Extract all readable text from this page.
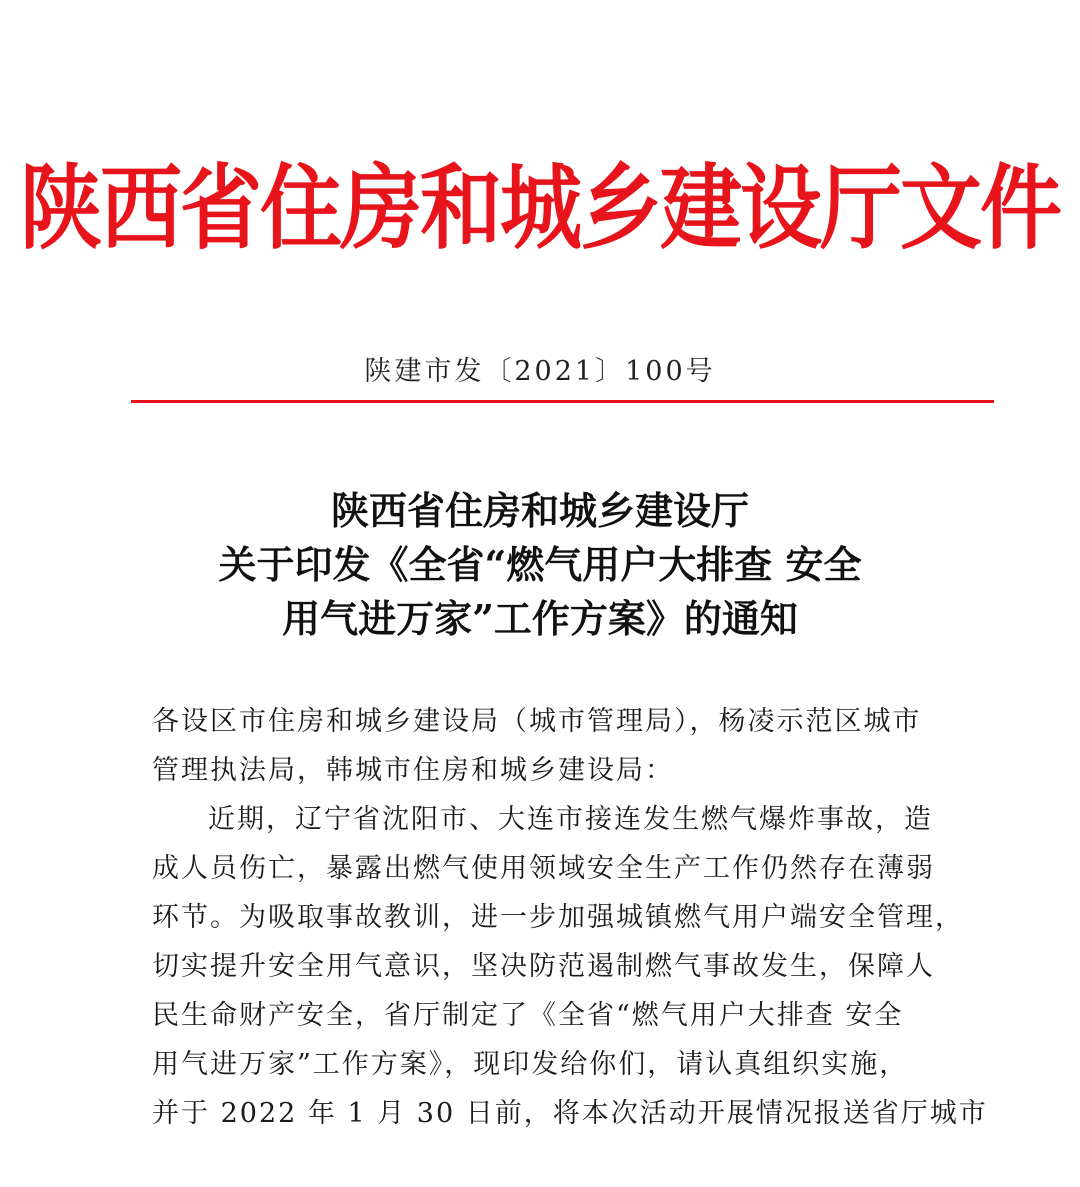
陕西省住房和城乡建设厅文件
陕建市发〔2021〕100号
陕西省住房和城乡建设厅
关于印发《全省“燃气用户大排查 安全
用气进万家”工作方案》的通知
各设区市住房和城乡建设局（城市管理局），杨凌示范区城市
管理执法局，韩城市住房和城乡建设局：
近期，辽宁省沈阳市、大连市接连发生燃气爆炸事故，造
成人员伤亡，暴露出燃气使用领域安全生产工作仍然存在薄弱
环节。为吸取事故教训，进一步加强城镇燃气用户端安全管理，
切实提升安全用气意识，坚决防范遏制燃气事故发生，保障人
民生命财产安全，省厅制定了《全省“燃气用户大排查 安全
用气进万家”工作方案》，现印发给你们，请认真组织实施，
并于 2022 年 1 月 30 日前，将本次活动开展情况报送省厅城市
